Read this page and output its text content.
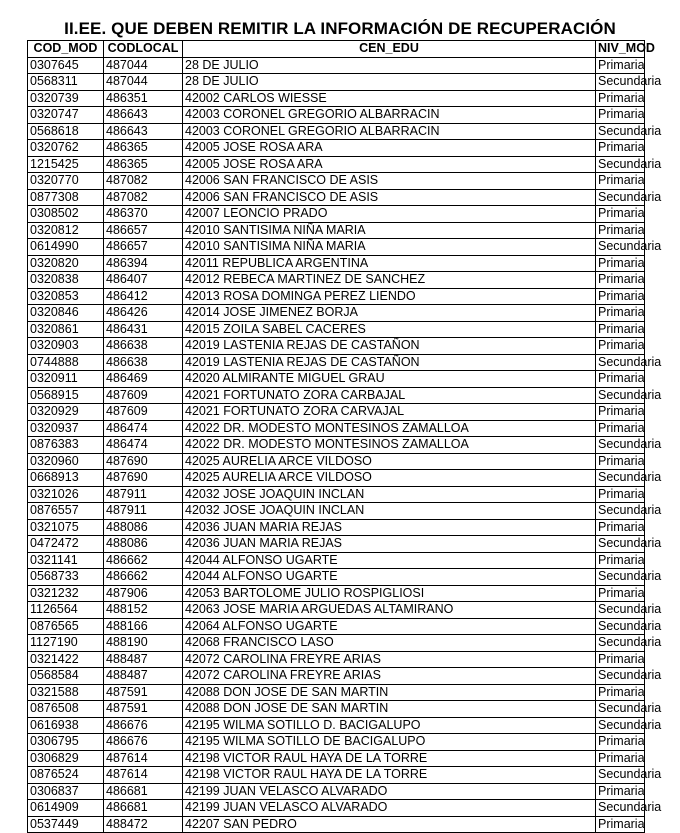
II.EE. QUE DEBEN REMITIR LA INFORMACIÓN DE RECUPERACIÓN
COD_MOD	CODLOCAL	CEN_EDU	NIV_MOD
0307645	487044	28 DE JULIO	Primaria
0568311	487044	28 DE JULIO	Secundaria
0320739	486351	42002 CARLOS WIESSE	Primaria
0320747	486643	42003 CORONEL GREGORIO ALBARRACIN	Primaria
0568618	486643	42003 CORONEL GREGORIO ALBARRACIN	Secundaria
0320762	486365	42005 JOSE ROSA ARA	Primaria
1215425	486365	42005 JOSE ROSA ARA	Secundaria
0320770	487082	42006 SAN FRANCISCO DE ASIS	Primaria
0877308	487082	42006 SAN FRANCISCO DE ASIS	Secundaria
0308502	486370	42007 LEONCIO PRADO	Primaria
0320812	486657	42010 SANTISIMA NIÑA MARIA	Primaria
0614990	486657	42010 SANTISIMA NIÑA MARIA	Secundaria
0320820	486394	42011 REPUBLICA ARGENTINA	Primaria
0320838	486407	42012 REBECA MARTINEZ DE SANCHEZ	Primaria
0320853	486412	42013 ROSA DOMINGA PEREZ LIENDO	Primaria
0320846	486426	42014 JOSE JIMENEZ BORJA	Primaria
0320861	486431	42015 ZOILA SABEL CACERES	Primaria
0320903	486638	42019 LASTENIA REJAS DE CASTAÑON	Primaria
0744888	486638	42019 LASTENIA REJAS DE CASTAÑON	Secundaria
0320911	486469	42020 ALMIRANTE MIGUEL GRAU	Primaria
0568915	487609	42021 FORTUNATO ZORA CARBAJAL	Secundaria
0320929	487609	42021 FORTUNATO ZORA CARVAJAL	Primaria
0320937	486474	42022 DR. MODESTO MONTESINOS ZAMALLOA	Primaria
0876383	486474	42022 DR. MODESTO MONTESINOS ZAMALLOA	Secundaria
0320960	487690	42025 AURELIA ARCE VILDOSO	Primaria
0668913	487690	42025 AURELIA ARCE VILDOSO	Secundaria
0321026	487911	42032 JOSE JOAQUIN INCLAN	Primaria
0876557	487911	42032 JOSE JOAQUIN INCLAN	Secundaria
0321075	488086	42036 JUAN MARIA REJAS	Primaria
0472472	488086	42036 JUAN MARIA REJAS	Secundaria
0321141	486662	42044 ALFONSO UGARTE	Primaria
0568733	486662	42044 ALFONSO UGARTE	Secundaria
0321232	487906	42053 BARTOLOME JULIO ROSPIGLIOSI	Primaria
1126564	488152	42063 JOSE MARIA ARGUEDAS ALTAMIRANO	Secundaria
0876565	488166	42064 ALFONSO UGARTE	Secundaria
1127190	488190	42068 FRANCISCO LASO	Secundaria
0321422	488487	42072 CAROLINA FREYRE ARIAS	Primaria
0568584	488487	42072 CAROLINA FREYRE ARIAS	Secundaria
0321588	487591	42088 DON JOSE DE SAN MARTIN	Primaria
0876508	487591	42088 DON JOSE DE SAN MARTIN	Secundaria
0616938	486676	42195 WILMA SOTILLO D. BACIGALUPO	Secundaria
0306795	486676	42195 WILMA SOTILLO DE BACIGALUPO	Primaria
0306829	487614	42198 VICTOR RAUL HAYA DE LA TORRE	Primaria
0876524	487614	42198 VICTOR RAUL HAYA DE LA TORRE	Secundaria
0306837	486681	42199 JUAN VELASCO ALVARADO	Primaria
0614909	486681	42199 JUAN VELASCO ALVARADO	Secundaria
0537449	488472	42207 SAN PEDRO	Primaria
